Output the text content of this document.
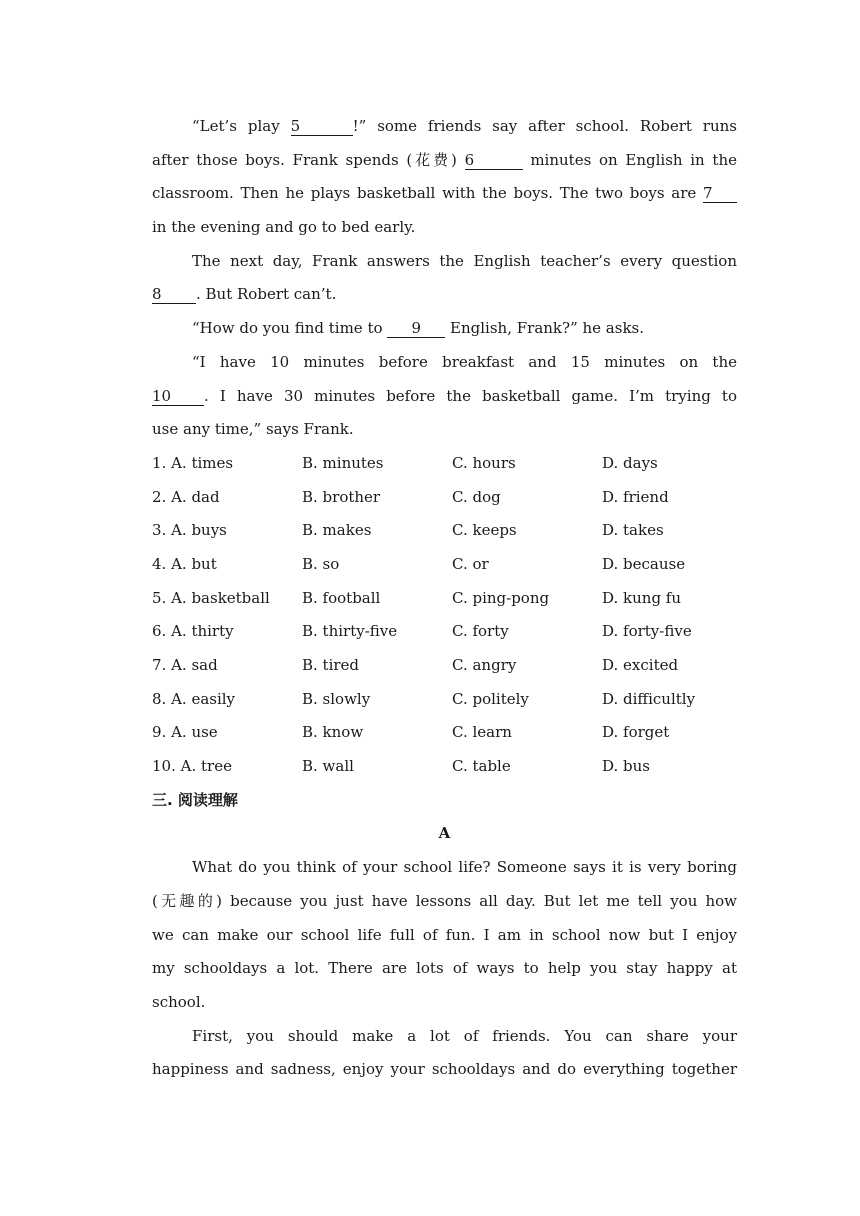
“Let’s play 5	!” some friends say after school. Robert runs
after those boys. Frank spends (花费) 6	minutes on English in the
classroom. Then he plays basketball with the boys. The two boys are 7
in the evening and go to bed early.
The next day, Frank answers the English teacher’s every question
8 . But Robert can’t.
“How do you find time to 9 English, Frank?” he asks.
“I have 10 minutes before breakfast and 15 minutes on the
10 . I have 30 minutes before the basketball game. I’m trying to
use any time,” says Frank.
1. A. times	B. minutes	C. hours	D. days
2. A. dad	B. brother	C. dog	D. friend
3. A. buys	B. makes	C. keeps	D. takes
4. A. but	B. so	C. or	D. because
5. A. basketball	B. football	C. ping-pong	D. kung fu
6. A. thirty	B. thirty-five	C. forty	D. forty-five
7. A. sad	B. tired	C. angry	D. excited
8. A. easily	B. slowly	C. politely	D. difficultly
9. A. use	B. know	C. learn	D. forget
10. A. tree	B. wall	C. table	D. bus
三. 阅读理解
A
What do you think of your school life? Someone says it is very boring
(无趣的) because you just have lessons all day. But let me tell you how
we can make our school life full of fun. I am in school now but I enjoy
my schooldays a lot. There are lots of ways to help you stay happy at
school.
First, you should make a lot of friends. You can share your
happiness and sadness, enjoy your schooldays and do everything together
